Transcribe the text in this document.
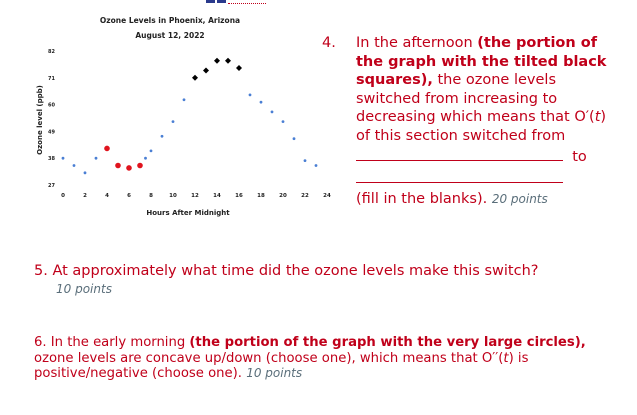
Ozone Levels in Phoenix, Arizona
August 12, 2022
Ozone level (ppb)
Hours After Midnight
0	2	4	6	8	10	12	14	16	18	20	22	24
27
38
49
60
71
82
4. In the afternoon (the portion of the graph with the tilted black squares), the ozone levels switched from increasing to decreasing which means that O′(t) of this section switched from
to
(fill in the blanks). 20 points
5. At approximately what time did the ozone levels make this switch?
10 points
6. In the early morning (the portion of the graph with the very large circles), ozone levels are concave up/down (choose one), which means that O′′(t) is positive/negative (choose one). 10 points
